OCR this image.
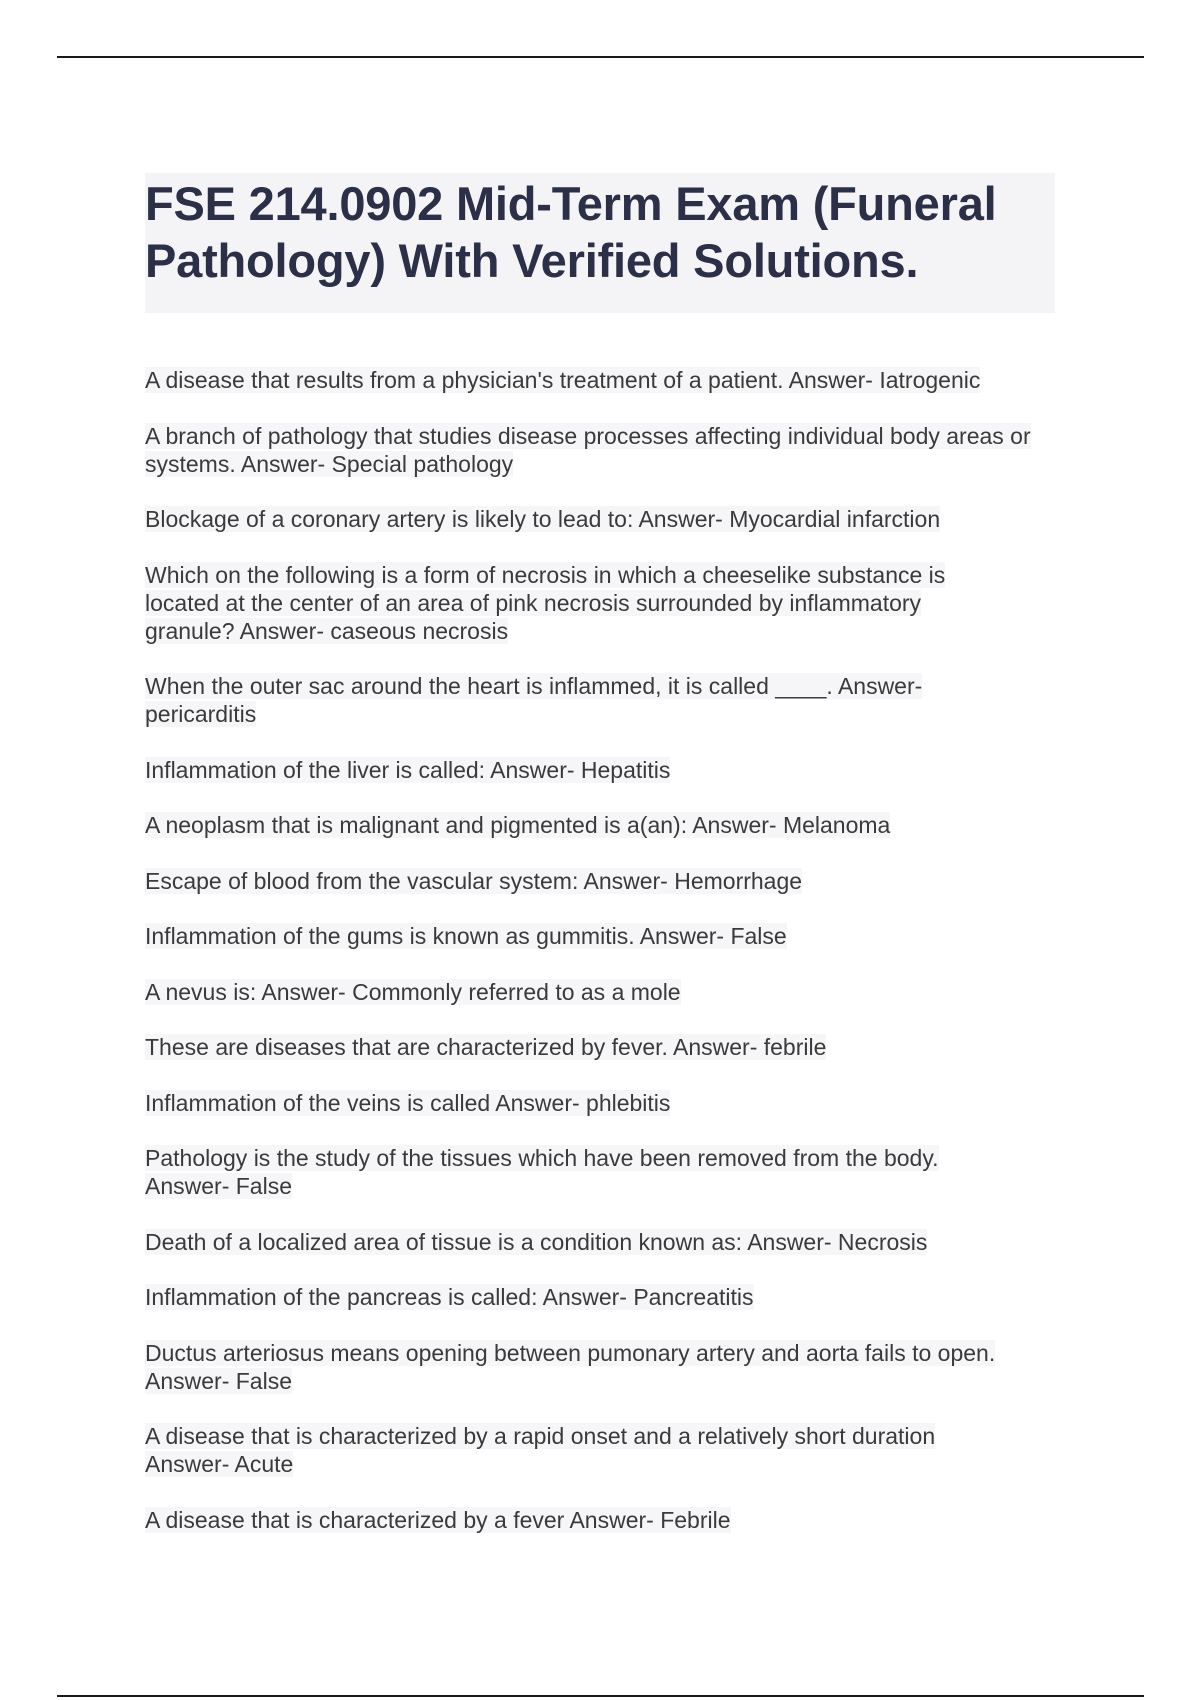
FSE 214.0902 Mid-Term Exam (Funeral Pathology) With Verified Solutions.
A disease that results from a physician's treatment of a patient. Answer- Iatrogenic
A branch of pathology that studies disease processes affecting individual body areas or systems. Answer- Special pathology
Blockage of a coronary artery is likely to lead to: Answer- Myocardial infarction
Which on the following is a form of necrosis in which a cheeselike substance is located at the center of an area of pink necrosis surrounded by inflammatory granule? Answer- caseous necrosis
When the outer sac around the heart is inflammed, it is called ____. Answer- pericarditis
Inflammation of the liver is called: Answer- Hepatitis
A neoplasm that is malignant and pigmented is a(an): Answer- Melanoma
Escape of blood from the vascular system: Answer- Hemorrhage
Inflammation of the gums is known as gummitis. Answer- False
A nevus is: Answer- Commonly referred to as a mole
These are diseases that are characterized by fever. Answer- febrile
Inflammation of the veins is called Answer- phlebitis
Pathology is the study of the tissues which have been removed from the body. Answer- False
Death of a localized area of tissue is a condition known as: Answer- Necrosis
Inflammation of the pancreas is called: Answer- Pancreatitis
Ductus arteriosus means opening between pumonary artery and aorta fails to open. Answer- False
A disease that is characterized by a rapid onset and a relatively short duration Answer- Acute
A disease that is characterized by a fever Answer- Febrile
